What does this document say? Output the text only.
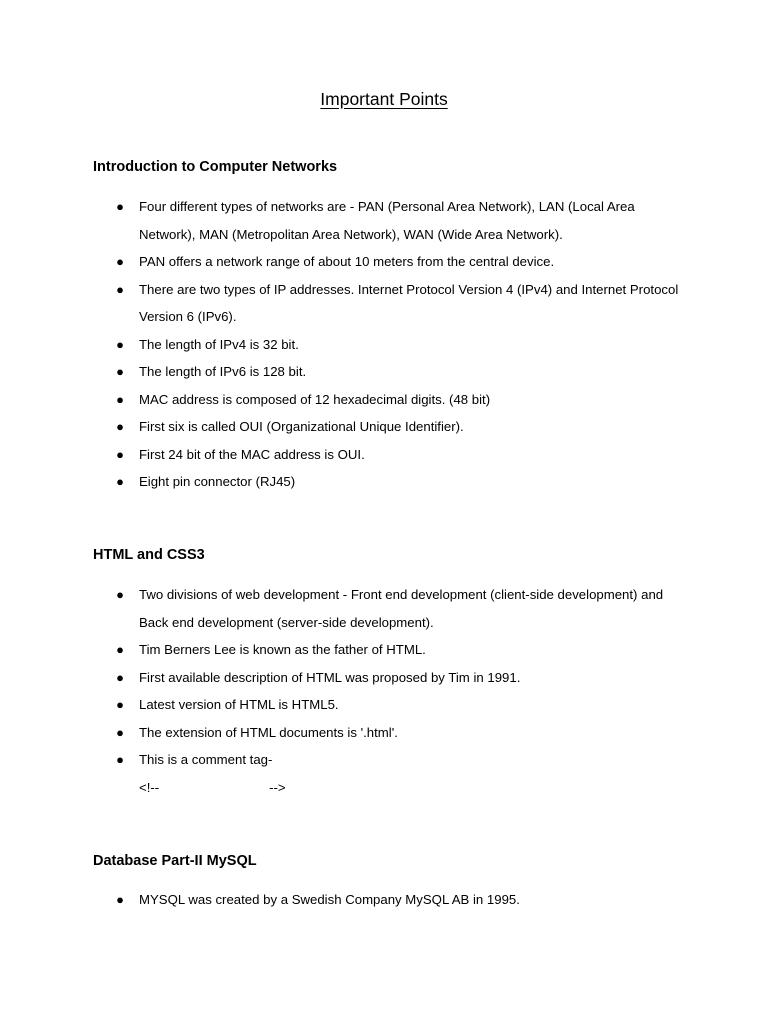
Important Points
Introduction to Computer Networks
● Four different types of networks are - PAN (Personal Area Network), LAN (Local Area Network), MAN (Metropolitan Area Network), WAN (Wide Area Network).
● PAN offers a network range of about 10 meters from the central device.
● There are two types of IP addresses. Internet Protocol Version 4 (IPv4) and Internet Protocol Version 6 (IPv6).
● The length of IPv4 is 32 bit.
● The length of IPv6 is 128 bit.
● MAC address is composed of 12 hexadecimal digits. (48 bit)
● First six is called OUI (Organizational Unique Identifier).
● First 24 bit of the MAC address is OUI.
● Eight pin connector (RJ45)
HTML and CSS3
● Two divisions of web development - Front end development (client-side development) and Back end development (server-side development).
● Tim Berners Lee is known as the father of HTML.
● First available description of HTML was proposed by Tim in 1991.
● Latest version of HTML is HTML5.
● The extension of HTML documents is '.html'.
● This is a comment tag-
<!--                              -->
Database Part-II MySQL
● MYSQL was created by a Swedish Company MySQL AB in 1995.
